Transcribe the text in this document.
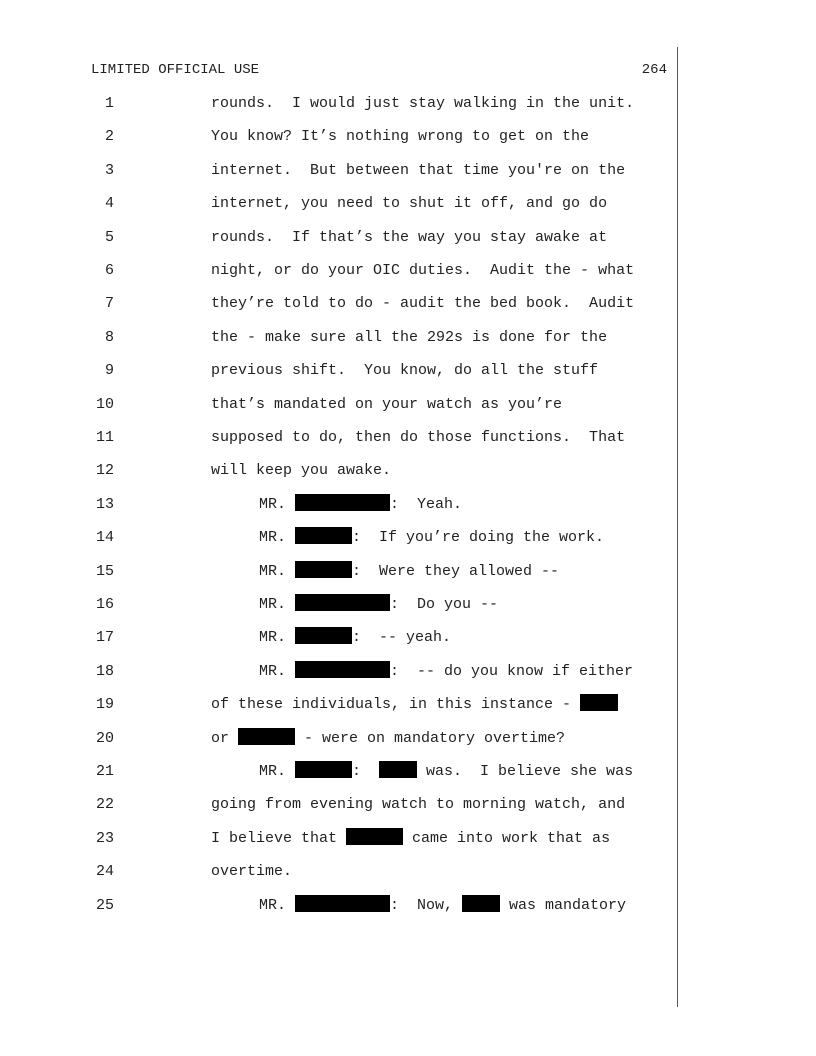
LIMITED OFFICIAL USE	264
1	rounds.  I would just stay walking in the unit.
2	You know? It’s nothing wrong to get on the
3	internet.  But between that time you're on the
4	internet, you need to shut it off, and go do
5	rounds.  If that’s the way you stay awake at
6	night, or do your OIC duties.  Audit the - what
7	they’re told to do - audit the bed book.  Audit
8	the - make sure all the 292s is done for the
9	previous shift.  You know, do all the stuff
10	that’s mandated on your watch as you’re
11	supposed to do, then do those functions.  That
12	will keep you awake.
13	MR.	:  Yeah.
14	MR.	:  If you’re doing the work.
15	MR.	:  Were they allowed --
16	MR.	:  Do you --
17	MR.	:  -- yeah.
18	MR.	:  -- do you know if either
19	of these individuals, in this instance -
20	or	- were on mandatory overtime?
21	MR.	:	was.  I believe she was
22	going from evening watch to morning watch, and
23	I believe that	came into work that as
24	overtime.
25	MR.	:  Now,	was mandatory
